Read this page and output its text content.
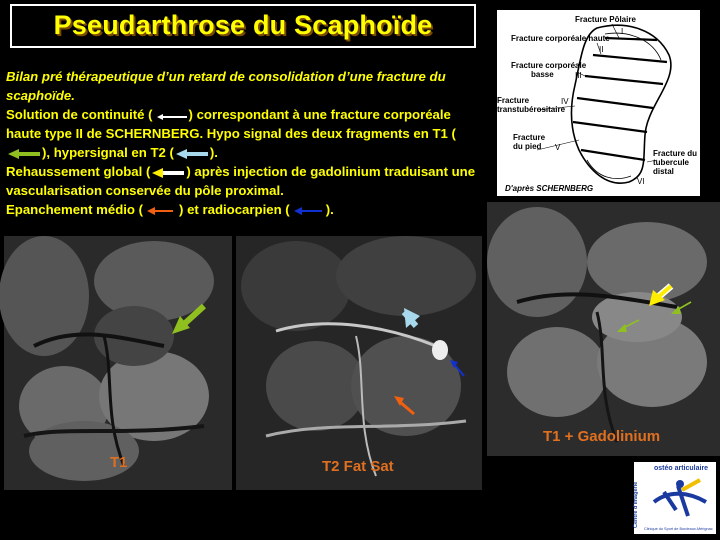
Pseudarthrose du Scaphoïde
Bilan pré thérapeutique d’un retard de consolidation d’une fracture du scaphoïde.
Solution de continuité (	) correspondant à une fracture corporéale haute type II de SCHERNBERG. Hypo signal des deux fragments en T1 (
), hypersignal en T2 (	).
Rehaussement global (	) après injection de gadolinium traduisant une vascularisation conservée du pôle proximal.
Epanchement médio (	) et radiocarpien (	).
Fracture Pôlaire
Fracture corporéale haute
Fracture corporéale
basse
Fracture
transtubérositaire
Fracture
du pied
Fracture du
tubercule
distal
I
II
III
IV
V
VI
D'après SCHERNBERG
T1	T2 Fat Sat
T1 + Gadolinium
Centre d'imagerie
ostéo articulaire
Clinique du Sport de Bordeaux-Mérignac
